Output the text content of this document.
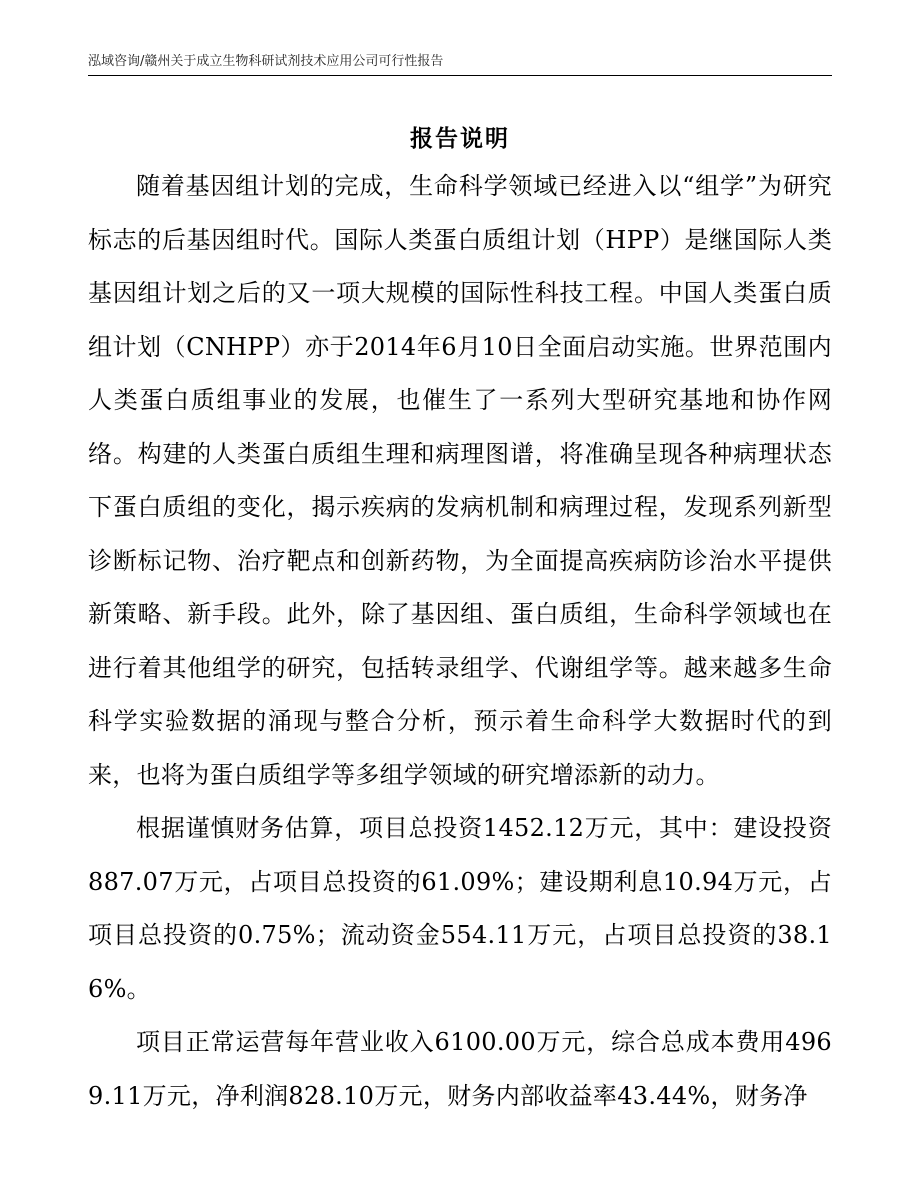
泓域咨询/赣州关于成立生物科研试剂技术应用公司可行性报告
报告说明

随着基因组计划的完成，生命科学领域已经进入以“组学”为研究标志的后基因组时代。国际人类蛋白质组计划（HPP）是继国际人类基因组计划之后的又一项大规模的国际性科技工程。中国人类蛋白质组计划（CNHPP）亦于2014年6月10日全面启动实施。世界范围内人类蛋白质组事业的发展，也催生了一系列大型研究基地和协作网络。构建的人类蛋白质组生理和病理图谱，将准确呈现各种病理状态下蛋白质组的变化，揭示疾病的发病机制和病理过程，发现系列新型诊断标记物、治疗靶点和创新药物，为全面提高疾病防诊治水平提供新策略、新手段。此外，除了基因组、蛋白质组，生命科学领域也在进行着其他组学的研究，包括转录组学、代谢组学等。越来越多生命科学实验数据的涌现与整合分析，预示着生命科学大数据时代的到来，也将为蛋白质组学等多组学领域的研究增添新的动力。

根据谨慎财务估算，项目总投资1452.12万元，其中：建设投资887.07万元，占项目总投资的61.09%；建设期利息10.94万元，占项目总投资的0.75%；流动资金554.11万元，占项目总投资的38.16%。

项目正常运营每年营业收入6100.00万元，综合总成本费用4969.11万元，净利润828.10万元，财务内部收益率43.44%，财务净
